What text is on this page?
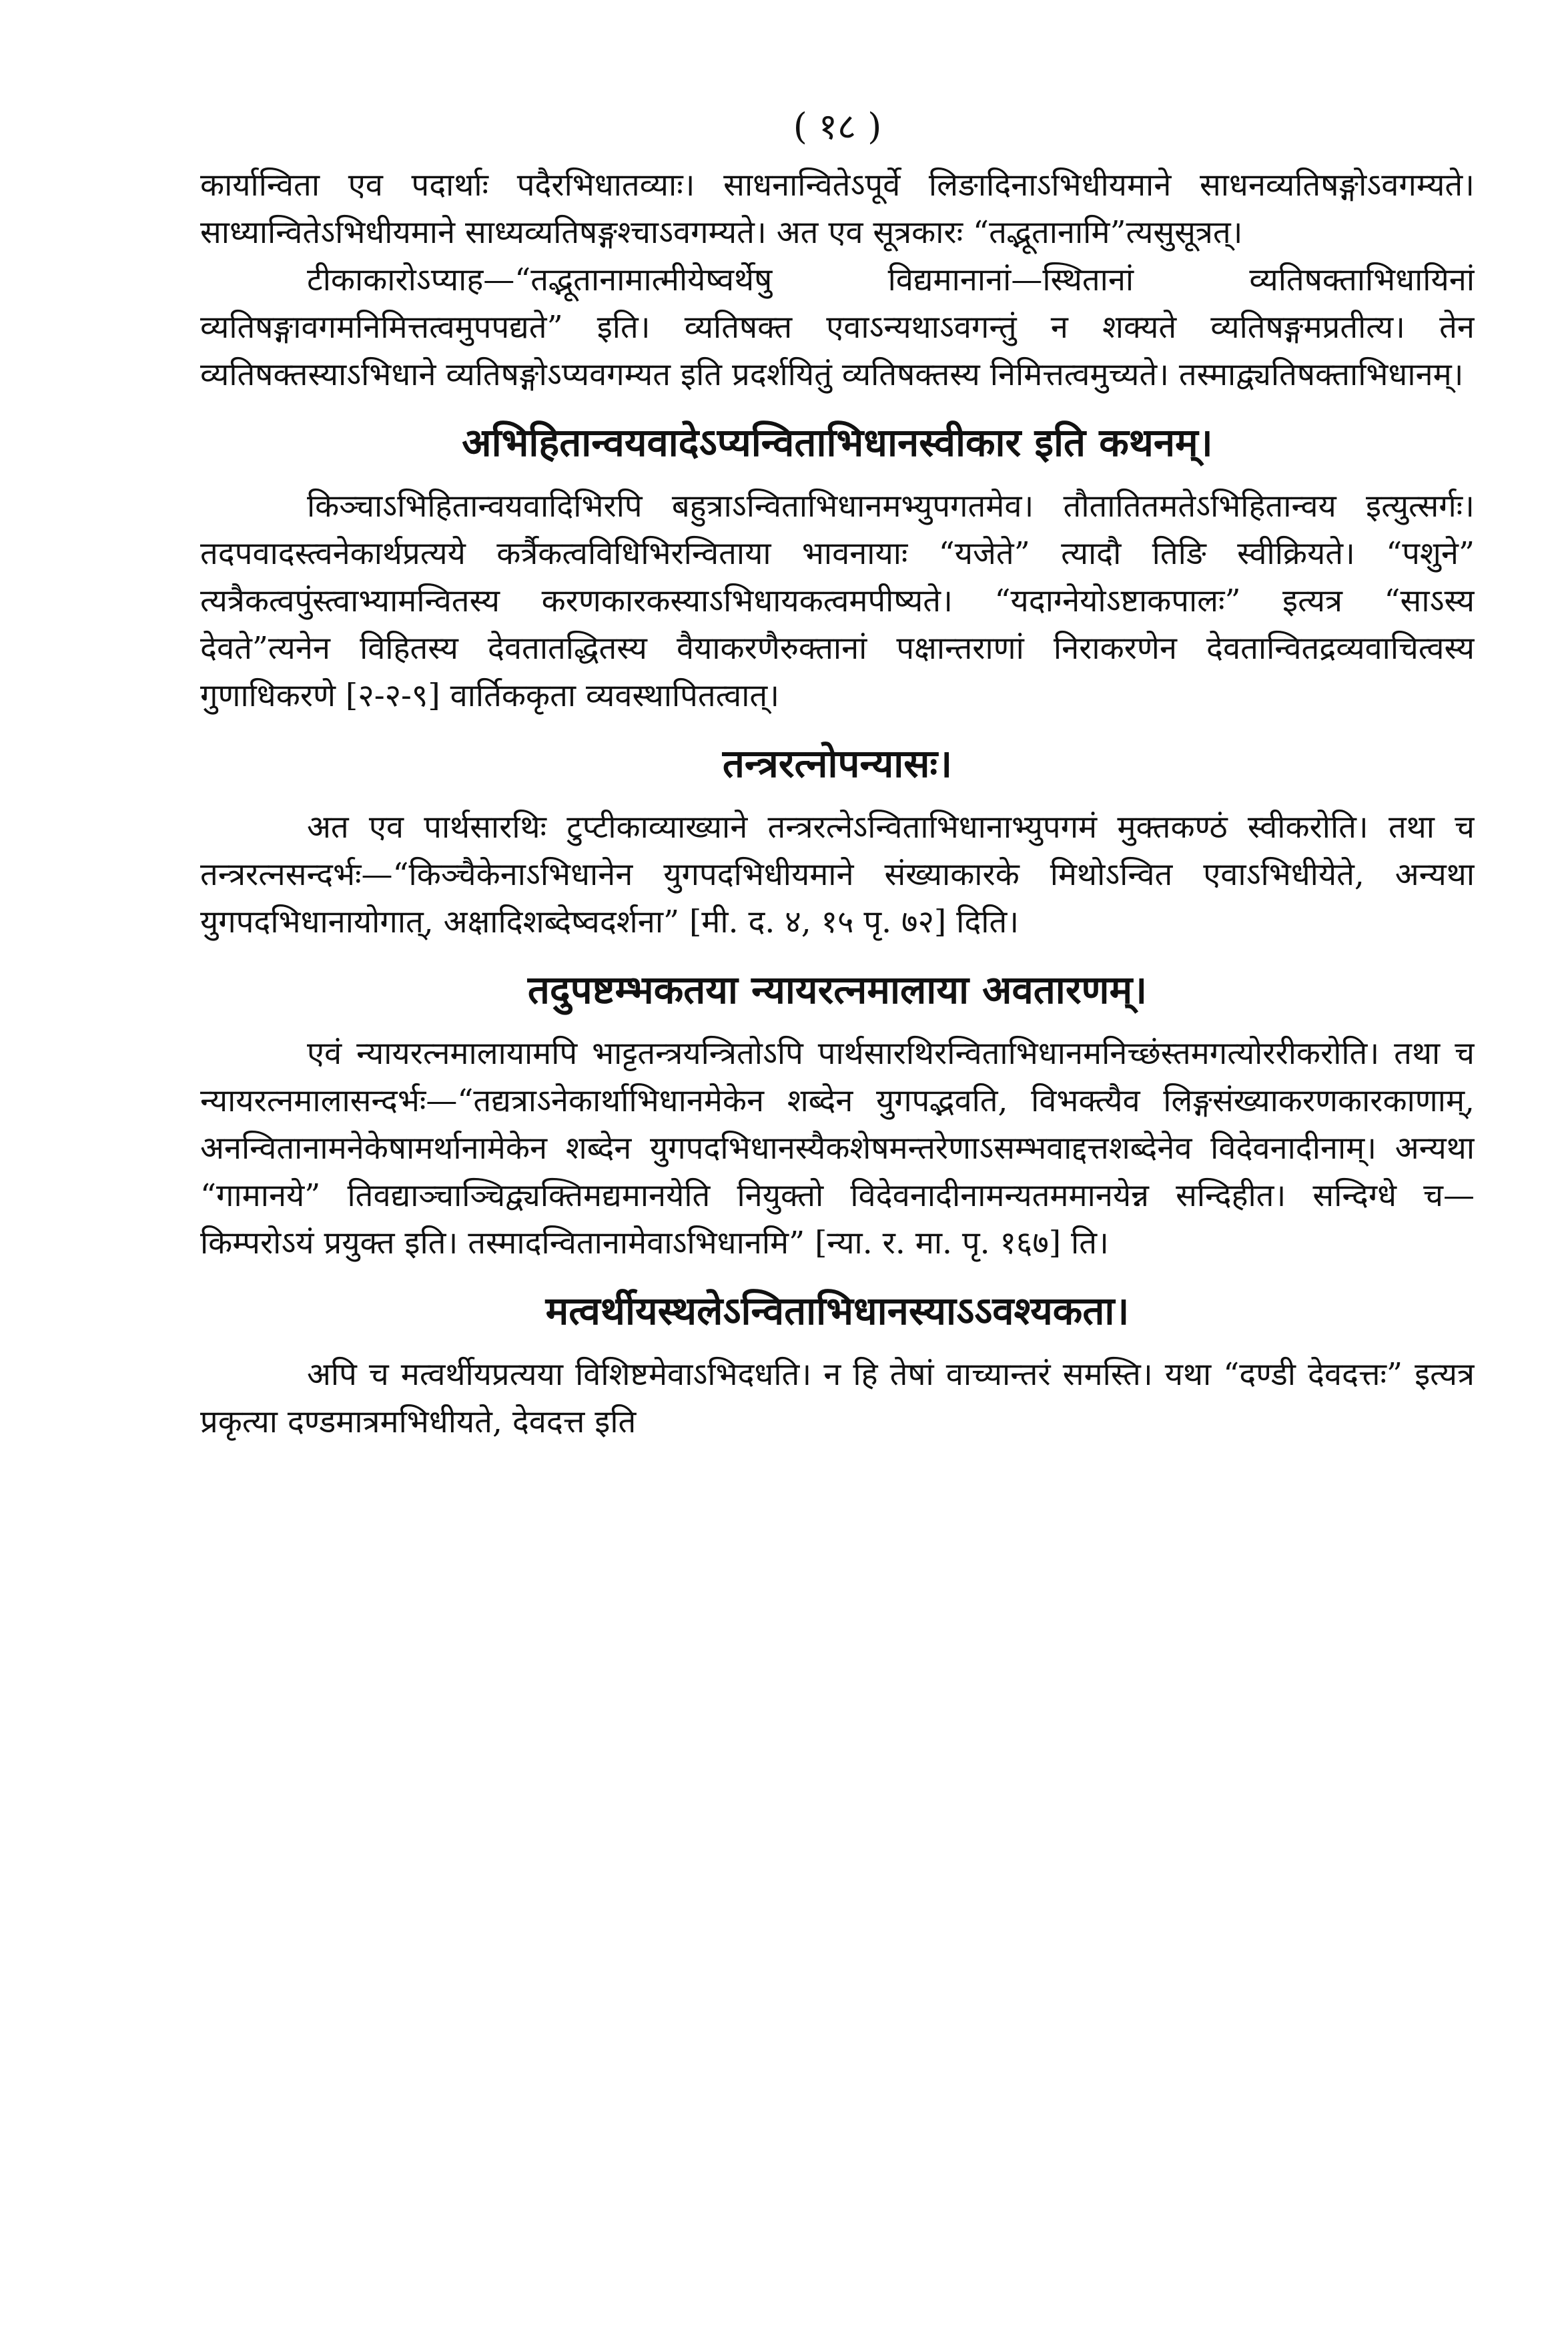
( १८ )

कार्यान्विता एव पदार्थाः पदैरभिधातव्याः। साधनान्वितेऽपूर्वे लिङादिनाऽभिधीयमाने साधनव्यतिषङ्गोऽवगम्यते। साध्यान्वितेऽभिधीयमाने साध्यव्यतिषङ्गश्चाऽवगम्यते। अत एव सूत्रकारः “तद्भूतानामि”त्यसुसूत्रत्।

टीकाकारोऽप्याह—“तद्भूतानामात्मीयेष्वर्थेषु विद्यमानानां—स्थितानां व्यतिषक्ताभिधायिनां व्यतिषङ्गावगमनिमित्तत्वमुपपद्यते” इति। व्यतिषक्त एवाऽन्यथाऽवगन्तुं न शक्यते व्यतिषङ्गमप्रतीत्य। तेन व्यतिषक्तस्याऽभिधाने व्यतिषङ्गोऽप्यवगम्यत इति प्रदर्शयितुं व्यतिषक्तस्य निमित्तत्वमुच्यते। तस्माद्व्यतिषक्ताभिधानम्।

अभिहितान्वयवादेऽप्यन्विताभिधानस्वीकार इति कथनम्।

किञ्चाऽभिहितान्वयवादिभिरपि बहुत्राऽन्विताभिधानमभ्युपगतमेव। तौतातितमतेऽभिहितान्वय इत्युत्सर्गः। तदपवादस्त्वनेकार्थप्रत्यये कर्त्रैकत्वविधिभिरन्विताया भावनायाः “यजेते” त्यादौ तिङि स्वीक्रियते। “पशुने” त्यत्रैकत्वपुंस्त्वाभ्यामन्वितस्य करणकारकस्याऽभिधायकत्वमपीष्यते। “यदाग्नेयोऽष्टाकपालः” इत्यत्र “साऽस्य देवते”त्यनेन विहितस्य देवतातद्धितस्य वैयाकरणैरुक्तानां पक्षान्तराणां निराकरणेन देवतान्वितद्रव्यवाचित्वस्य गुणाधिकरणे [२-२-९] वार्तिककृता व्यवस्थापितत्वात्।

तन्त्ररत्नोपन्यासः।

अत एव पार्थसारथिः टुप्टीकाव्याख्याने तन्त्ररत्नेऽन्विताभिधानाभ्युपगमं मुक्तकण्ठं स्वीकरोति। तथा च तन्त्ररत्नसन्दर्भः—“किञ्चैकेनाऽभिधानेन युगपदभिधीयमाने संख्याकारके मिथोऽन्वित एवाऽभिधीयेते, अन्यथा युगपदभिधानायोगात्, अक्षादिशब्देष्वदर्शना” [मी. द. ४, १५ पृ. ७२] दिति।

तदुपष्टम्भकतया न्यायरत्नमालाया अवतारणम्।

एवं न्यायरत्नमालायामपि भाट्टतन्त्रयन्त्रितोऽपि पार्थसारथिरन्विताभिधानमनिच्छंस्तमगत्योररीकरोति। तथा च न्यायरत्नमालासन्दर्भः—“तद्यत्राऽनेकार्थाभिधानमेकेन शब्देन युगपद्भवति, विभक्त्यैव लिङ्गसंख्याकरणकारकाणाम्, अनन्वितानामनेकेषामर्थानामेकेन शब्देन युगपदभिधानस्यैकशेषमन्तरेणाऽसम्भवाद्दत्तशब्देनेव विदेवनादीनाम्। अन्यथा “गामानये” तिवद्याञ्चाञ्चिद्व्यक्तिमद्यमानयेति नियुक्तो विदेवनादीनामन्यतममानयेन्न सन्दिहीत। सन्दिग्धे च—किम्परोऽयं प्रयुक्त इति। तस्मादन्वितानामेवाऽभिधानमि” [न्या. र. मा. पृ. १६७] ति।

मत्वर्थीयस्थलेऽन्विताभिधानस्याऽऽवश्यकता।

अपि च मत्वर्थीयप्रत्यया विशिष्टमेवाऽभिदधति। न हि तेषां वाच्यान्तरं समस्ति। यथा “दण्डी देवदत्तः” इत्यत्र प्रकृत्या दण्डमात्रमभिधीयते, देवदत्त इति
